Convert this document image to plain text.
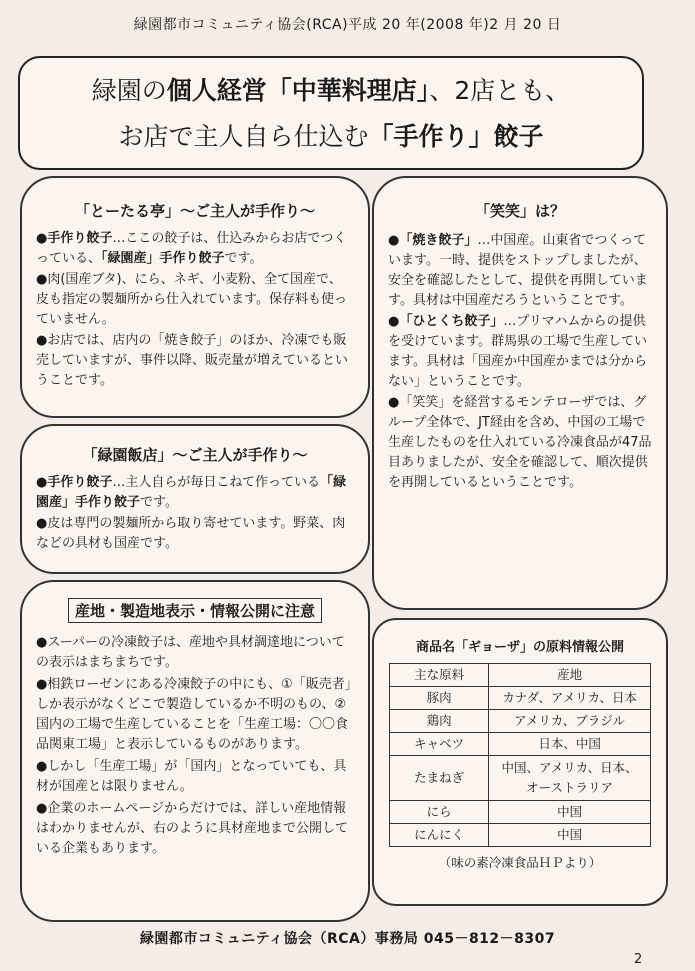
緑園都市コミュニティ協会(RCA)平成 20 年(2008 年)2 月 20 日
緑園の個人経営「中華料理店」、2店とも、
お店で主人自ら仕込む「手作り」餃子
「とーたる亭」～ご主人が手作り～

●手作り餃子…ここの餃子は、仕込みからお店でつくっている、「緑園産」手作り餃子です。

●肉(国産ブタ)、にら、ネギ、小麦粉、全て国産で、皮も指定の製麺所から仕入れています。保存料も使っていません。

●お店では、店内の「焼き餃子」のほか、冷凍でも販売していますが、事件以降、販売量が増えているということです。

「緑園飯店」～ご主人が手作り～

●手作り餃子…主人自らが毎日こねて作っている「緑園産」手作り餃子です。

●皮は専門の製麺所から取り寄せています。野菜、肉などの具材も国産です。

「笑笑」は？

●「焼き餃子」…中国産。山東省でつくっています。一時、提供をストップしましたが、安全を確認したとして、提供を再開しています。具材は中国産だろうということです。

●「ひとくち餃子」…プリマハムからの提供を受けています。群馬県の工場で生産しています。具材は「国産か中国産かまでは分からない」ということです。

●「笑笑」を経営するモンテローザでは、グループ全体で、JT経由を含め、中国の工場で生産したものを仕入れている冷凍食品が47品目ありましたが、安全を確認して、順次提供を再開しているということです。

産地・製造地表示・情報公開に注意

●スーパーの冷凍餃子は、産地や具材調達地についての表示はまちまちです。

●相鉄ローゼンにある冷凍餃子の中にも、①「販売者」しか表示がなくどこで製造しているか不明のもの、②国内の工場で生産していることを「生産工場：〇〇食品関東工場」と表示しているものがあります。

●しかし「生産工場」が「国内」となっていても、具材が国産とは限りません。

●企業のホームページからだけでは、詳しい産地情報はわかりませんが、右のように具材産地まで公開している企業もあります。

商品名「ギョーザ」の原料情報公開
主な原料	産地
豚肉	カナダ、アメリカ、日本
鶏肉	アメリカ、ブラジル
キャベツ	日本、中国
たまねぎ	中国、アメリカ、日本、オーストラリア
にら	中国
にんにく	中国
（味の素冷凍食品ＨＰより）
緑園都市コミュニティ協会（RCA）事務局 045－812－8307
2
